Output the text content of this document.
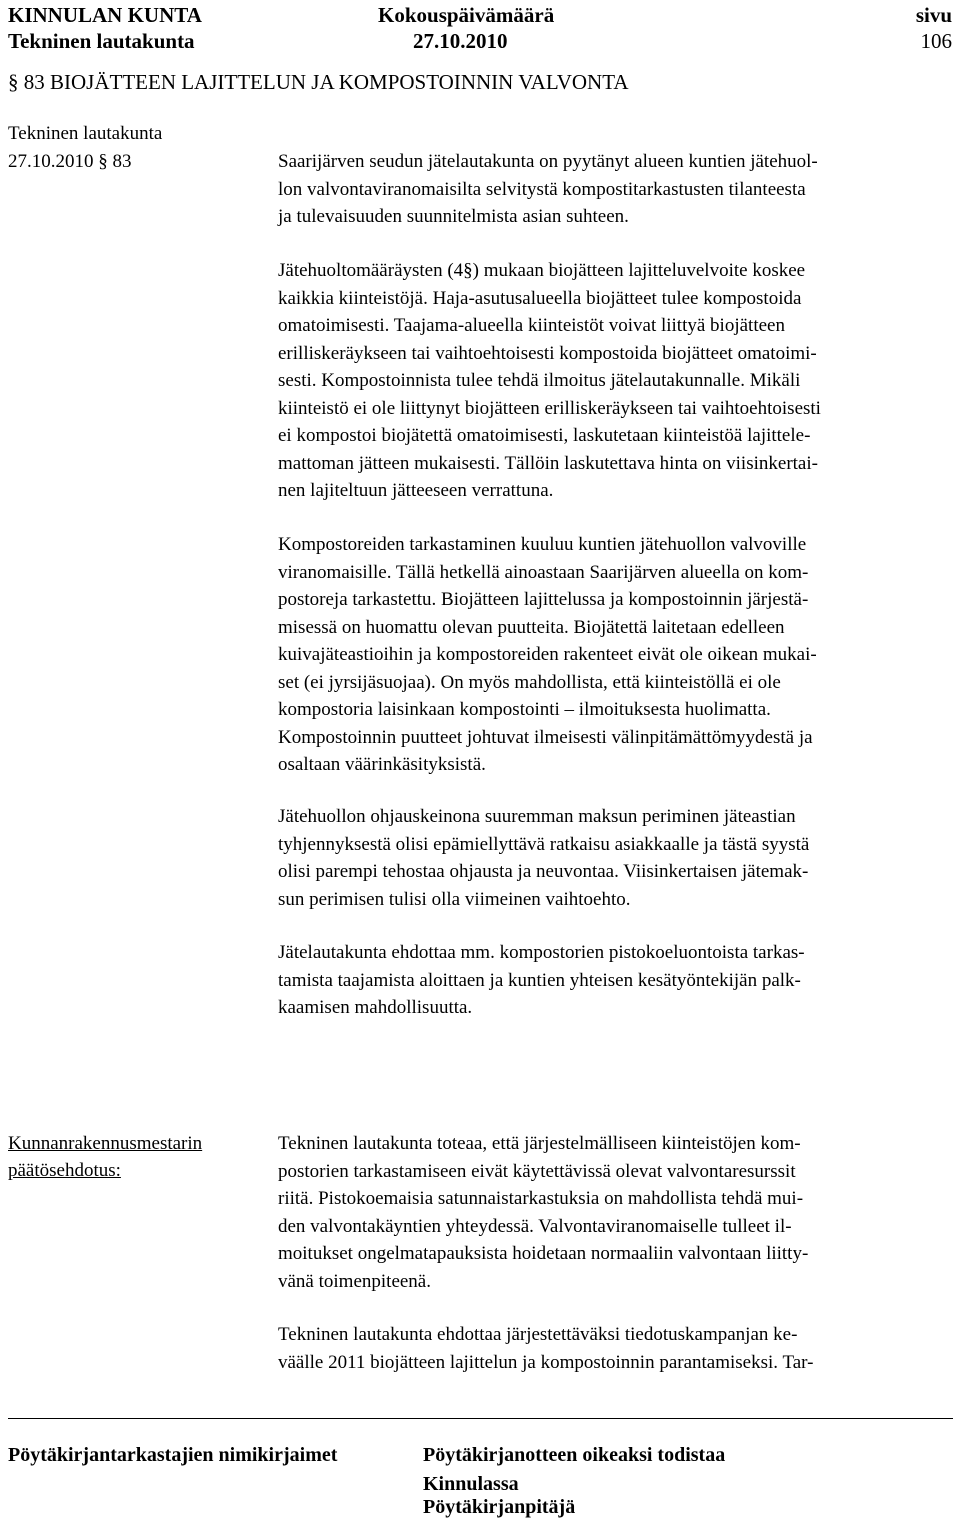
KINNULAN KUNTA	Kokouspäivämäärä	sivu
Tekninen lautakunta	27.10.2010	106
§ 83 BIOJÄTTEEN LAJITTELUN JA KOMPOSTOINNIN VALVONTA
Tekninen lautakunta
27.10.2010 § 83	Saarijärven seudun jätelautakunta on pyytänyt alueen kuntien jätehuol-
lon valvontaviranomaisilta selvitystä kompostitarkastusten tilanteesta
ja tulevaisuuden suunnitelmista asian suhteen.
Jätehuoltomääräysten (4§) mukaan biojätteen lajitteluvelvoite koskee
kaikkia kiinteistöjä. Haja-asutusalueella biojätteet tulee kompostoida
omatoimisesti. Taajama-alueella kiinteistöt voivat liittyä biojätteen
erilliskeräykseen tai vaihtoehtoisesti kompostoida biojätteet omatoimi-
sesti. Kompostoinnista tulee tehdä ilmoitus jätelautakunnalle. Mikäli
kiinteistö ei ole liittynyt biojätteen erilliskeräykseen tai vaihtoehtoisesti
ei kompostoi biojätettä omatoimisesti, laskutetaan kiinteistöä lajittele-
mattoman jätteen mukaisesti. Tällöin laskutettava hinta on viisinkertai-
nen lajiteltuun jätteeseen verrattuna.
Kompostoreiden tarkastaminen kuuluu kuntien jätehuollon valvoville
viranomaisille. Tällä hetkellä ainoastaan Saarijärven alueella on kom-
postoreja tarkastettu. Biojätteen lajittelussa ja kompostoinnin järjestä-
misessä on huomattu olevan puutteita. Biojätettä laitetaan edelleen
kuivajäteastioihin ja kompostoreiden rakenteet eivät ole oikean mukai-
set (ei jyrsijäsuojaa). On myös mahdollista, että kiinteistöllä ei ole
kompostoria laisinkaan kompostointi – ilmoituksesta huolimatta.
Kompostoinnin puutteet johtuvat ilmeisesti välinpitämättömyydestä ja
osaltaan väärinkäsityksistä.
Jätehuollon ohjauskeinona suuremman maksun periminen jäteastian
tyhjennyksestä olisi epämiellyttävä ratkaisu asiakkaalle ja tästä syystä
olisi parempi tehostaa ohjausta ja neuvontaa. Viisinkertaisen jätemak-
sun perimisen tulisi olla viimeinen vaihtoehto.
Jätelautakunta ehdottaa mm. kompostorien pistokoeluontoista tarkas-
tamista taajamista aloittaen ja kuntien yhteisen kesätyöntekijän palk-
kaamisen mahdollisuutta.
Kunnanrakennusmestarin
päätösehdotus:
Tekninen lautakunta toteaa, että järjestelmälliseen kiinteistöjen kom-
postorien tarkastamiseen eivät käytettävissä olevat valvontaresurssit
riitä. Pistokoemaisia satunnaistarkastuksia on mahdollista tehdä mui-
den valvontakäyntien yhteydessä. Valvontaviranomaiselle tulleet il-
moitukset ongelmatapauksista hoidetaan normaaliin valvontaan liitty-
vänä toimenpiteenä.
Tekninen lautakunta ehdottaa järjestettäväksi tiedotuskampanjan ke-
väälle 2011 biojätteen lajittelun ja kompostoinnin parantamiseksi. Tar-
Pöytäkirjantarkastajien nimikirjaimet	Pöytäkirjanotteen oikeaksi todistaa
Kinnulassa
Pöytäkirjanpitäjä
